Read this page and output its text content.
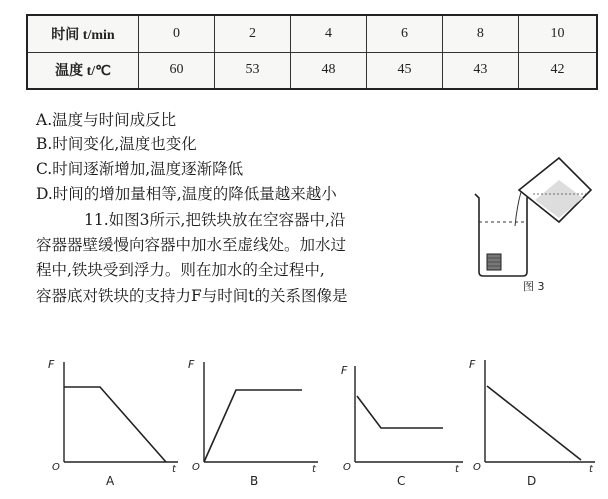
时间 t/min	0	2	4	6	8	10
温度 t/℃	60	53	48	45	43	42
A.温度与时间成反比
B.时间变化,温度也变化
C.时间逐渐增加,温度逐渐降低
D.时间的增加量相等,温度的降低量越来越小
11.如图3所示,把铁块放在空容器中,沿
容器器壁缓慢向容器中加水至虚线处。加水过
程中,铁块受到浮力。则在加水的全过程中,
容器底对铁块的支持力F与时间t的关系图像是
图 3
F
O	t
A
F
O	t
B
F
O	t
C
F
O	t
D
